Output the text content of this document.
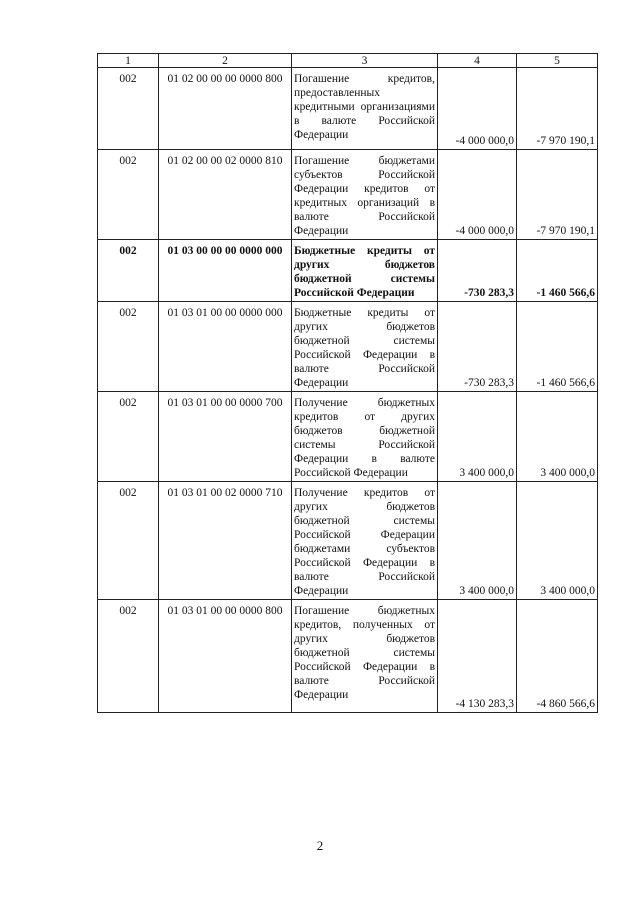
1	2	3	4	5
002	01 02 00 00 00 0000 800	Погашение кредитов, предоставленных кредитными организациями в валюте Российской Федерации	-4 000 000,0	-7 970 190,1
002	01 02 00 00 02 0000 810	Погашение бюджетами субъектов Российской Федерации кредитов от кредитных организаций в валюте Российской Федерации	-4 000 000,0	-7 970 190,1
002	01 03 00 00 00 0000 000	Бюджетные кредиты от других бюджетов бюджетной системы Российской Федерации	-730 283,3	-1 460 566,6
002	01 03 01 00 00 0000 000	Бюджетные кредиты от других бюджетов бюджетной системы Российской Федерации в валюте Российской Федерации	-730 283,3	-1 460 566,6
002	01 03 01 00 00 0000 700	Получение бюджетных кредитов от других бюджетов бюджетной системы Российской Федерации в валюте Российской Федерации	3 400 000,0	3 400 000,0
002	01 03 01 00 02 0000 710	Получение кредитов от других бюджетов бюджетной системы Российской Федерации бюджетами субъектов Российской Федерации в валюте Российской Федерации	3 400 000,0	3 400 000,0
002	01 03 01 00 00 0000 800	Погашение бюджетных кредитов, полученных от других бюджетов бюджетной системы Российской Федерации в валюте Российской Федерации	-4 130 283,3	-4 860 566,6
2
